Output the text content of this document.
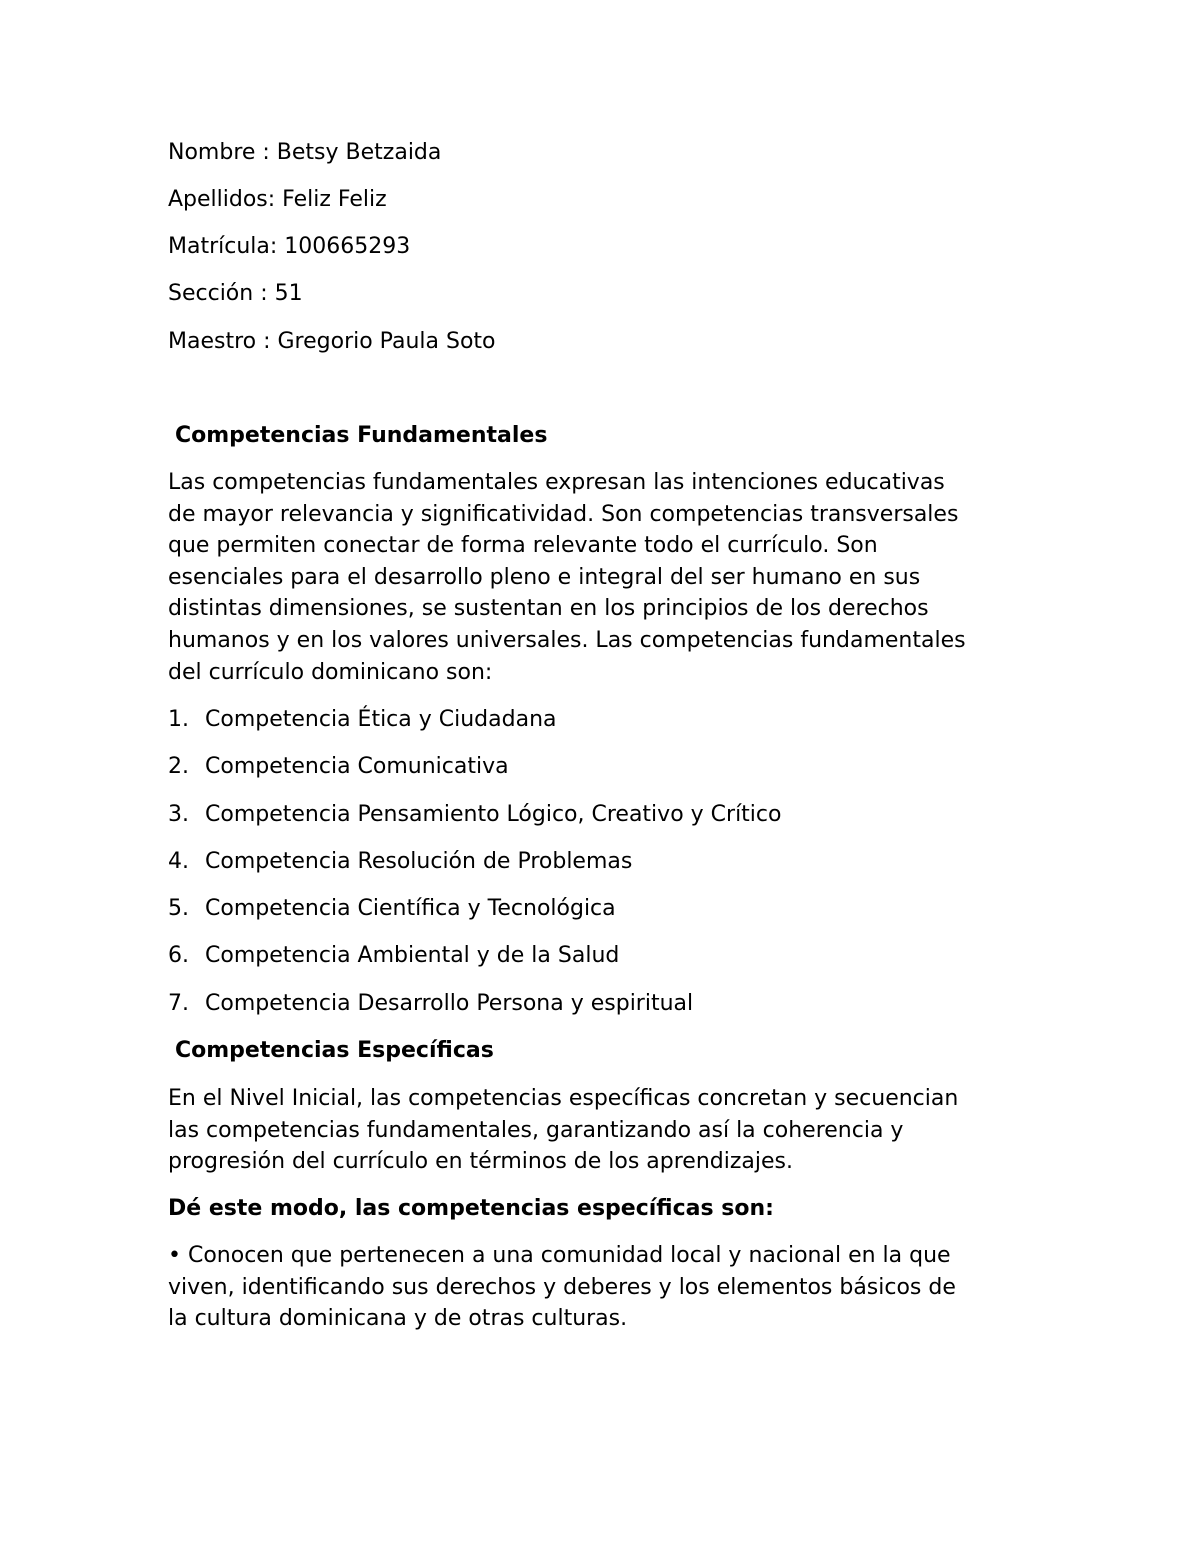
Nombre : Betsy Betzaida

Apellidos: Feliz Feliz

Matrícula: 100665293

Sección : 51

Maestro : Gregorio Paula Soto

Competencias Fundamentales

Las competencias fundamentales expresan las intenciones educativas
de mayor relevancia y significatividad. Son competencias transversales
que permiten conectar de forma relevante todo el currículo. Son
esenciales para el desarrollo pleno e integral del ser humano en sus
distintas dimensiones, se sustentan en los principios de los derechos
humanos y en los valores universales. Las competencias fundamentales
del currículo dominicano son:

1. Competencia Ética y Ciudadana

2. Competencia Comunicativa

3. Competencia Pensamiento Lógico, Creativo y Crítico

4. Competencia Resolución de Problemas

5. Competencia Científica y Tecnológica

6. Competencia Ambiental y de la Salud

7. Competencia Desarrollo Persona y espiritual

Competencias Específicas

En el Nivel Inicial, las competencias específicas concretan y secuencian
las competencias fundamentales, garantizando así la coherencia y
progresión del currículo en términos de los aprendizajes.

Dé este modo, las competencias específicas son:

• Conocen que pertenecen a una comunidad local y nacional en la que
viven, identificando sus derechos y deberes y los elementos básicos de
la cultura dominicana y de otras culturas.
